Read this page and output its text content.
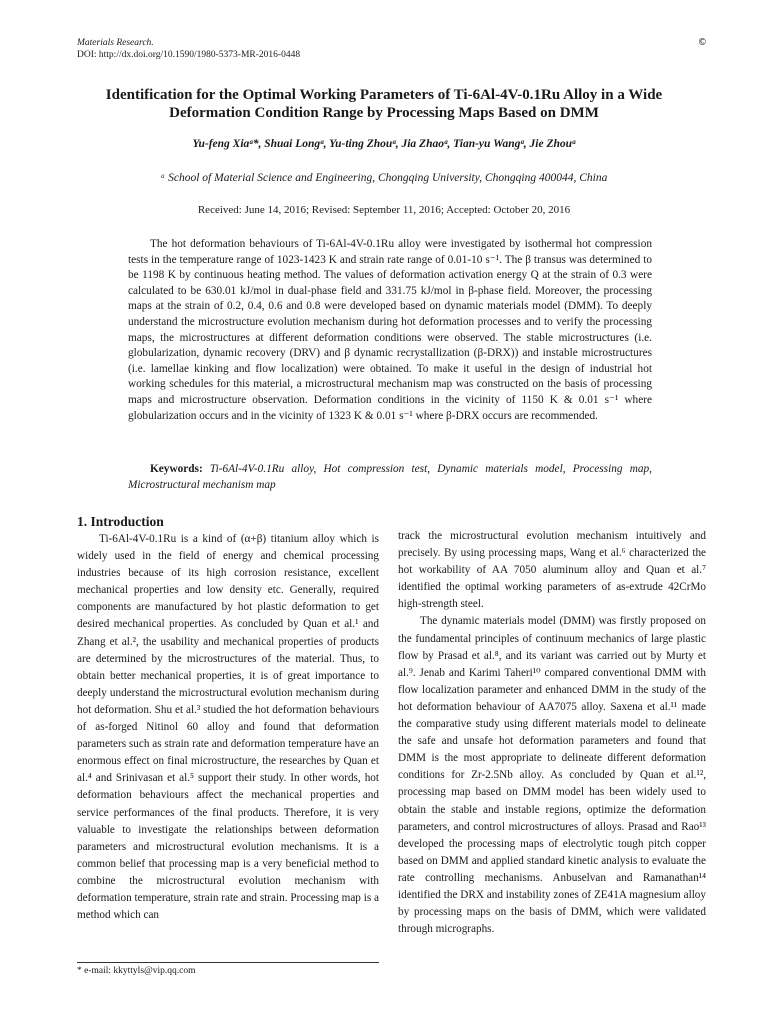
Materials Research.
DOI: http://dx.doi.org/10.1590/1980-5373-MR-2016-0448
©
Identification for the Optimal Working Parameters of Ti-6Al-4V-0.1Ru Alloy in a Wide
Deformation Condition Range by Processing Maps Based on DMM
Yu-feng Xiaᵃ*, Shuai Longᵃ, Yu-ting Zhouᵃ, Jia Zhaoᵃ, Tian-yu Wangᵃ, Jie Zhouᵃ
ᵃ School of Material Science and Engineering, Chongqing University, Chongqing 400044, China
Received: June 14, 2016; Revised: September 11, 2016; Accepted: October 20, 2016

The hot deformation behaviours of Ti-6Al-4V-0.1Ru alloy were investigated by isothermal hot compression tests in the temperature range of 1023-1423 K and strain rate range of 0.01-10 s⁻¹. The β transus was determined to be 1198 K by continuous heating method. The values of deformation activation energy Q at the strain of 0.3 were calculated to be 630.01 kJ/mol in dual-phase field and 331.75 kJ/mol in β-phase field. Moreover, the processing maps at the strain of 0.2, 0.4, 0.6 and 0.8 were developed based on dynamic materials model (DMM). To deeply understand the microstructure evolution mechanism during hot deformation processes and to verify the processing maps, the microstructures at different deformation conditions were observed. The stable microstructures (i.e. globularization, dynamic recovery (DRV) and β dynamic recrystallization (β-DRX)) and instable microstructures (i.e. lamellae kinking and flow localization) were obtained. To make it useful in the design of industrial hot working schedules for this material, a microstructural mechanism map was constructed on the basis of processing maps and microstructure observation. Deformation conditions in the vicinity of 1150 K & 0.01 s⁻¹ where globularization occurs and in the vicinity of 1323 K & 0.01 s⁻¹ where β-DRX occurs are recommended.

Keywords: Ti-6Al-4V-0.1Ru alloy, Hot compression test, Dynamic materials model, Processing map, Microstructural mechanism map

1. Introduction

Ti-6Al-4V-0.1Ru is a kind of (α+β) titanium alloy which is widely used in the field of energy and chemical processing industries because of its high corrosion resistance, excellent mechanical properties and low density etc. Generally, required components are manufactured by hot plastic deformation to get desired mechanical properties. As concluded by Quan et al.¹ and Zhang et al.², the usability and mechanical properties of products are determined by the microstructures of the material. Thus, to obtain better mechanical properties, it is of great importance to deeply understand the microstructural evolution mechanism during hot deformation. Shu et al.³ studied the hot deformation behaviours of as-forged Nitinol 60 alloy and found that deformation parameters such as strain rate and deformation temperature have an enormous effect on final microstructure, the researches by Quan et al.⁴ and Srinivasan et al.⁵ support their study. In other words, hot deformation behaviours affect the mechanical properties and service performances of the final products. Therefore, it is very valuable to investigate the relationships between deformation parameters and microstructural evolution mechanisms. It is a common belief that processing map is a very beneficial method to combine the microstructural evolution mechanism with deformation temperature, strain rate and strain. Processing map is a method which can

track the microstructural evolution mechanism intuitively and precisely. By using processing maps, Wang et al.⁶ characterized the hot workability of AA 7050 aluminum alloy and Quan et al.⁷ identified the optimal working parameters of as-extrude 42CrMo high-strength steel.

The dynamic materials model (DMM) was firstly proposed on the fundamental principles of continuum mechanics of large plastic flow by Prasad et al.⁸, and its variant was carried out by Murty et al.⁹. Jenab and Karimi Taheri¹⁰ compared conventional DMM with flow localization parameter and enhanced DMM in the study of the hot deformation behaviour of AA7075 alloy. Saxena et al.¹¹ made the comparative study using different materials model to delineate the safe and unsafe hot deformation parameters and found that DMM is the most appropriate to delineate different deformation conditions for Zr-2.5Nb alloy. As concluded by Quan et al.¹², processing map based on DMM model has been widely used to obtain the stable and instable regions, optimize the deformation parameters, and control microstructures of alloys. Prasad and Rao¹³ developed the processing maps of electrolytic tough pitch copper based on DMM and applied standard kinetic analysis to evaluate the rate controlling mechanisms. Anbuselvan and Ramanathan¹⁴ identified the DRX and instability zones of ZE41A magnesium alloy by processing maps on the basis of DMM, which were validated through micrographs.

* e-mail: kkyttyls@vip.qq.com
